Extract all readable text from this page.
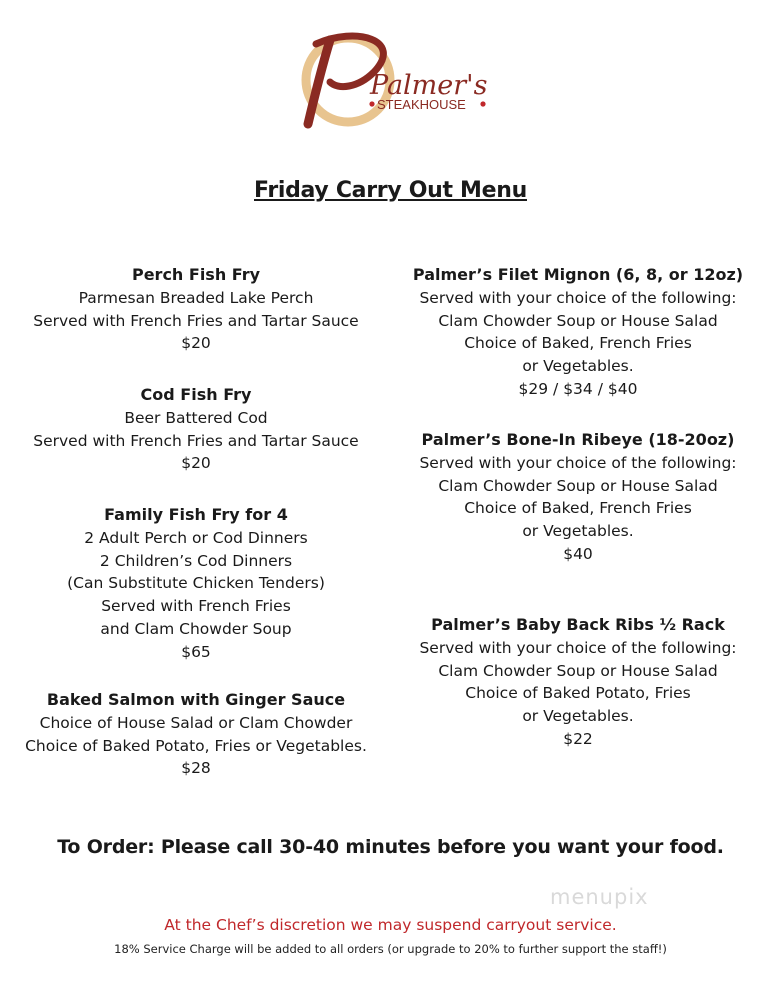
Palmer's
STEAKHOUSE
Friday Carry Out Menu
Perch Fish Fry
Parmesan Breaded Lake Perch
Served with French Fries and Tartar Sauce
$20
Cod Fish Fry
Beer Battered Cod
Served with French Fries and Tartar Sauce
$20
Family Fish Fry for 4
2 Adult Perch or Cod Dinners
2 Children’s Cod Dinners
(Can Substitute Chicken Tenders)
Served with French Fries
and Clam Chowder Soup
$65
Baked Salmon with Ginger Sauce
Choice of House Salad or Clam Chowder
Choice of Baked Potato, Fries or Vegetables.
$28
Palmer’s Filet Mignon (6, 8, or 12oz)
Served with your choice of the following:
Clam Chowder Soup or House Salad
Choice of Baked, French Fries
or Vegetables.
$29 / $34 / $40
Palmer’s Bone-In Ribeye (18-20oz)
Served with your choice of the following:
Clam Chowder Soup or House Salad
Choice of Baked, French Fries
or Vegetables.
$40
Palmer’s Baby Back Ribs ½ Rack
Served with your choice of the following:
Clam Chowder Soup or House Salad
Choice of Baked Potato, Fries
or Vegetables.
$22
To Order: Please call 30-40 minutes before you want your food.
menupix
At the Chef’s discretion we may suspend carryout service.
18% Service Charge will be added to all orders (or upgrade to 20% to further support the staff!)
